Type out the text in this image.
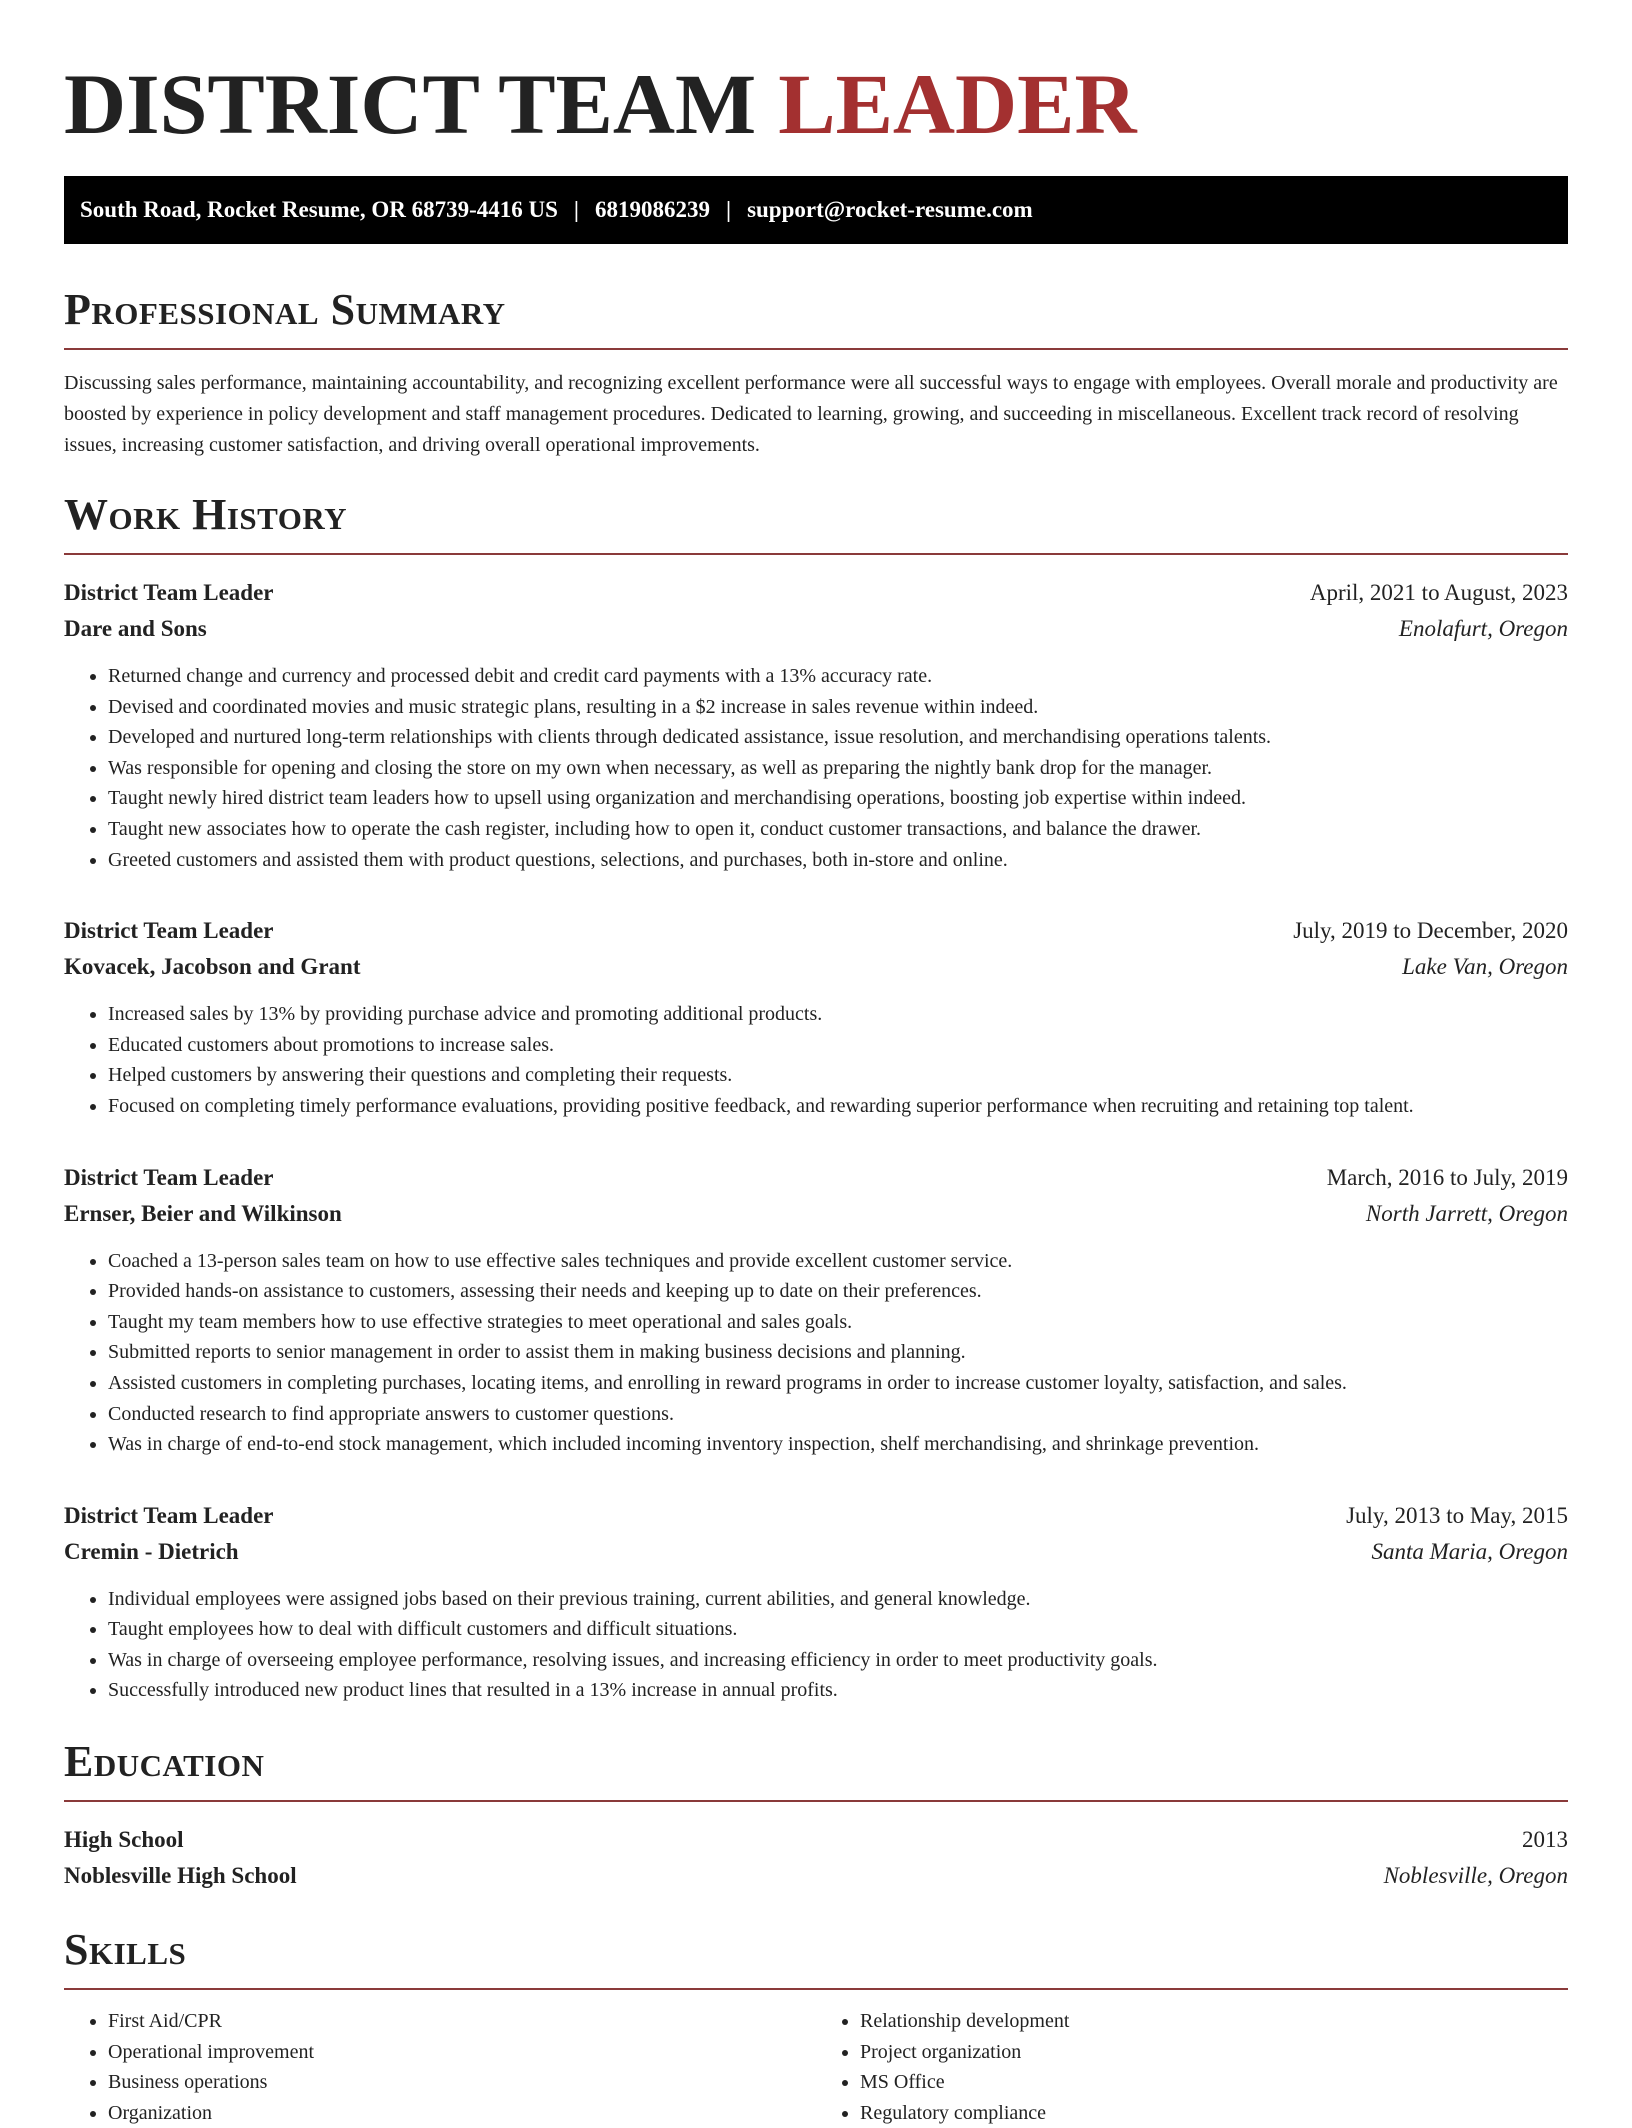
DISTRICT TEAM LEADER
South Road, Rocket Resume, OR 68739-4416 US | 6819086239 | support@rocket-resume.com
Professional Summary

Discussing sales performance, maintaining accountability, and recognizing excellent performance were all successful ways to engage with employees. Overall morale and productivity are boosted by experience in policy development and staff management procedures. Dedicated to learning, growing, and succeeding in miscellaneous. Excellent track record of resolving issues, increasing customer satisfaction, and driving overall operational improvements.

Work History
District Team Leader	April, 2021 to August, 2023
Dare and Sons	Enolafurt, Oregon
• Returned change and currency and processed debit and credit card payments with a 13% accuracy rate.
• Devised and coordinated movies and music strategic plans, resulting in a $2 increase in sales revenue within indeed.
• Developed and nurtured long-term relationships with clients through dedicated assistance, issue resolution, and merchandising operations talents.
• Was responsible for opening and closing the store on my own when necessary, as well as preparing the nightly bank drop for the manager.
• Taught newly hired district team leaders how to upsell using organization and merchandising operations, boosting job expertise within indeed.
• Taught new associates how to operate the cash register, including how to open it, conduct customer transactions, and balance the drawer.
• Greeted customers and assisted them with product questions, selections, and purchases, both in-store and online.
District Team Leader	July, 2019 to December, 2020
Kovacek, Jacobson and Grant	Lake Van, Oregon
• Increased sales by 13% by providing purchase advice and promoting additional products.
• Educated customers about promotions to increase sales.
• Helped customers by answering their questions and completing their requests.
• Focused on completing timely performance evaluations, providing positive feedback, and rewarding superior performance when recruiting and retaining top talent.
District Team Leader	March, 2016 to July, 2019
Ernser, Beier and Wilkinson	North Jarrett, Oregon
• Coached a 13-person sales team on how to use effective sales techniques and provide excellent customer service.
• Provided hands-on assistance to customers, assessing their needs and keeping up to date on their preferences.
• Taught my team members how to use effective strategies to meet operational and sales goals.
• Submitted reports to senior management in order to assist them in making business decisions and planning.
• Assisted customers in completing purchases, locating items, and enrolling in reward programs in order to increase customer loyalty, satisfaction, and sales.
• Conducted research to find appropriate answers to customer questions.
• Was in charge of end-to-end stock management, which included incoming inventory inspection, shelf merchandising, and shrinkage prevention.
District Team Leader	July, 2013 to May, 2015
Cremin - Dietrich	Santa Maria, Oregon
• Individual employees were assigned jobs based on their previous training, current abilities, and general knowledge.
• Taught employees how to deal with difficult customers and difficult situations.
• Was in charge of overseeing employee performance, resolving issues, and increasing efficiency in order to meet productivity goals.
• Successfully introduced new product lines that resulted in a 13% increase in annual profits.
Education
High School	2013
Noblesville High School	Noblesville, Oregon
Skills
• First Aid/CPR
• Operational improvement
• Business operations
• Organization
• Relationship development
• Project organization
• MS Office
• Regulatory compliance
